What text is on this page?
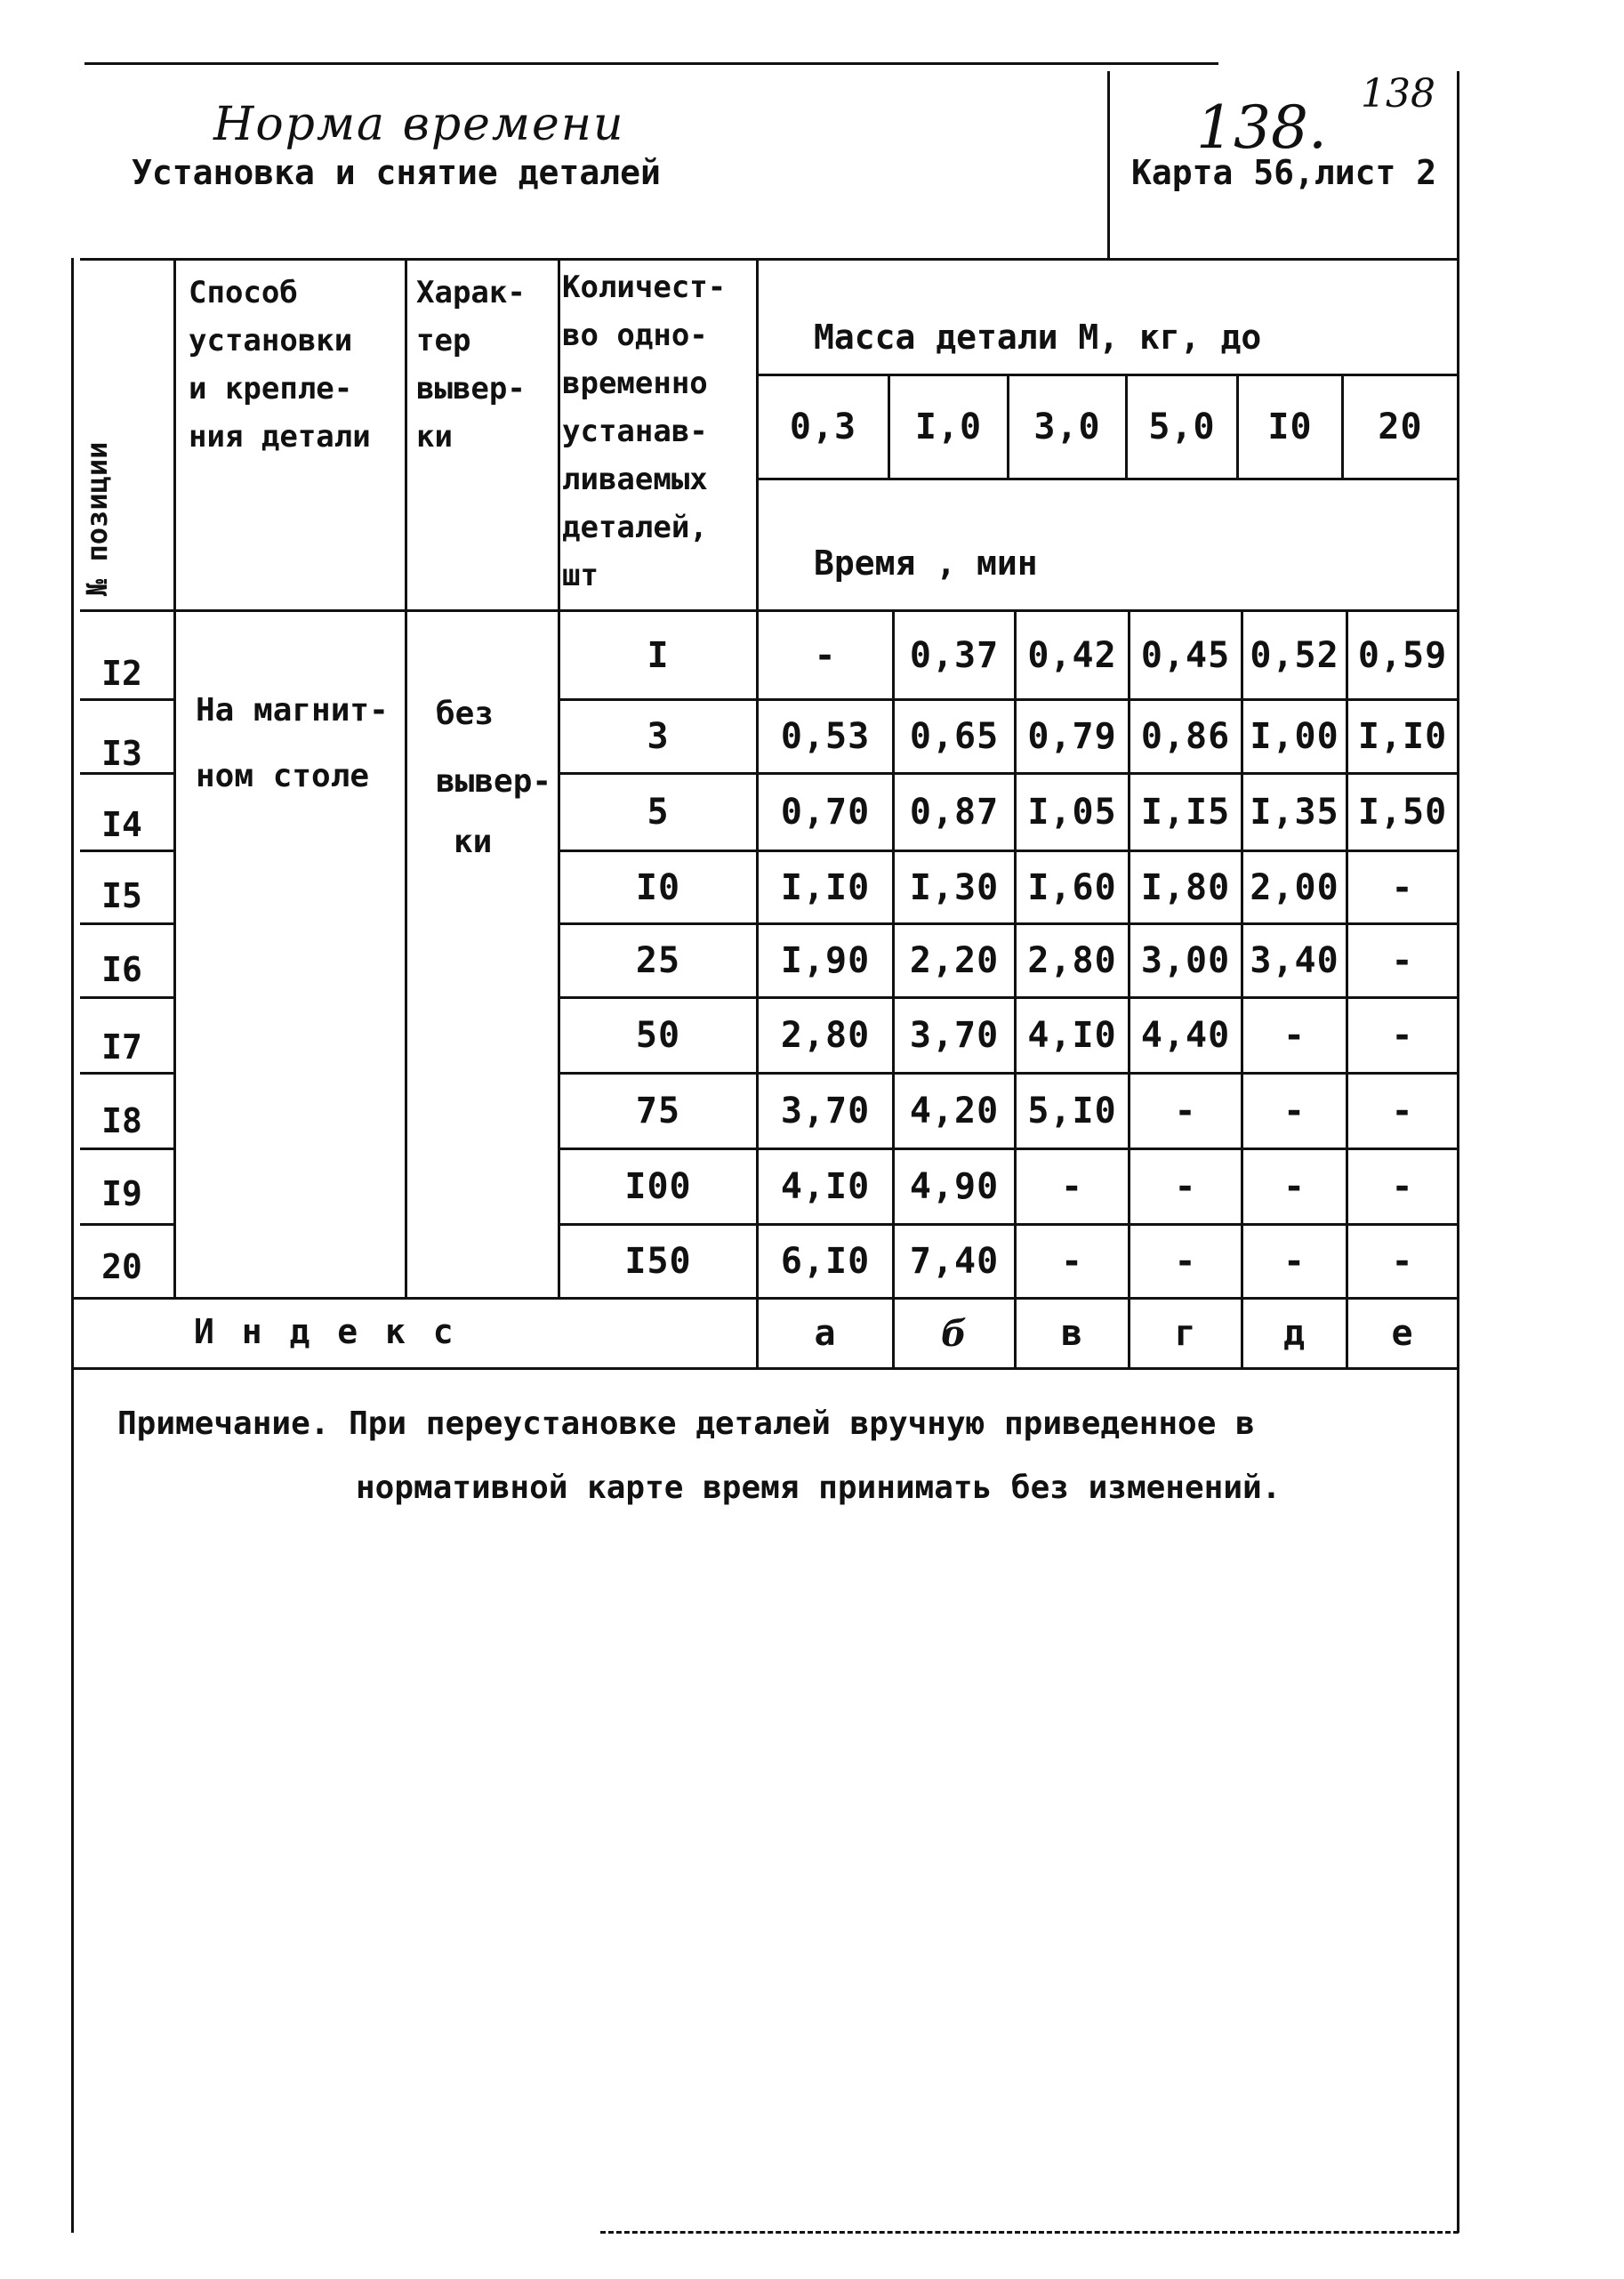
Норма времени
Установка и снятие деталей
138. 138
Карта 56,лист 2
№ позиции
Способ
установки
и крепле-
ния детали
Харак-
тер
вывер-
ки
Количест-
во одно-
временно
устанав-
ливаемых
деталей,
шт
Масса детали М, кг, до
0,3	I,0	3,0	5,0	I0	20
Время , мин
На магнит-
ном столе
без
вывер-
ки
I2	I	-	0,37 0,42 0,45 0,52 0,59
I3	3	0,53	0,65 0,79 0,86 I,00 I,I0
I4	5	0,70	0,87 I,05 I,I5 I,35 I,50
I5	I0	I,I0	I,30 I,60 I,80 2,00	-
I6	25	I,90	2,20 2,80 3,00 3,40	-
I7	50	2,80	3,70 4,I0 4,40	-	-
I8	75	3,70	4,20 5,I0	-	-	-
I9	I00	4,I0	4,90	-	-	-	-
20	I50	6,I0	7,40	-	-	-	-
И н д е к с	а	б	в	г	д	е
Примечание. При переустановке деталей вручную приведенное в
нормативной карте время принимать без изменений.
